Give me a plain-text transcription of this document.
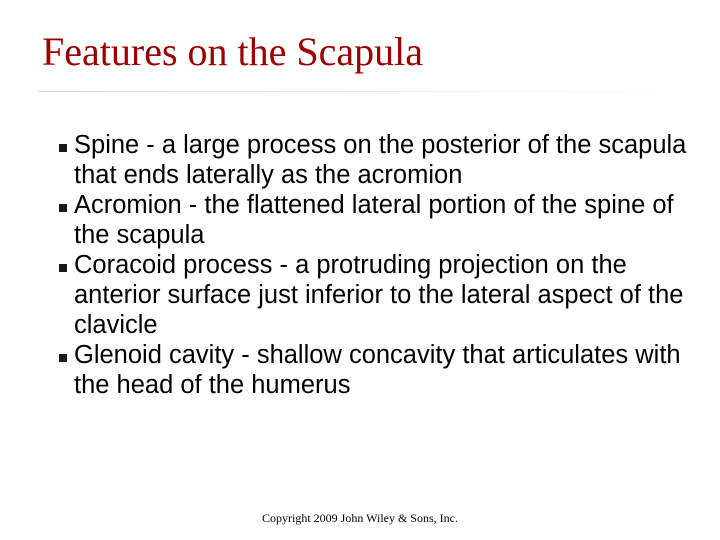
Features on the Scapula
Spine - a large process on the posterior of the scapula that ends laterally as the acromion
Acromion - the flattened lateral portion of the spine of the scapula
Coracoid process - a protruding projection on the anterior surface just inferior to the lateral aspect of the clavicle
Glenoid cavity - shallow concavity that articulates with the head of the humerus
Copyright 2009 John Wiley & Sons, Inc.
